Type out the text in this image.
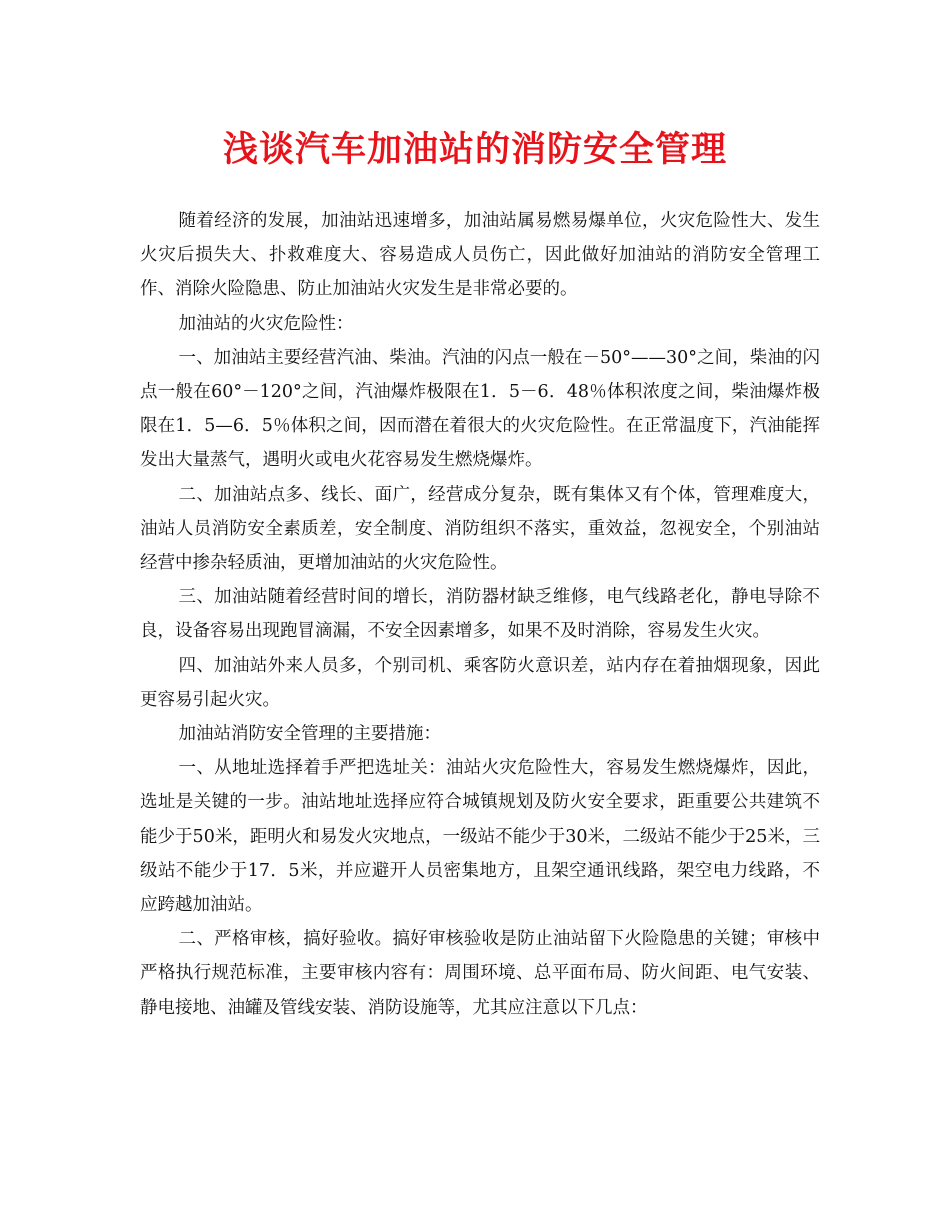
浅谈汽车加油站的消防安全管理

随着经济的发展，加油站迅速增多，加油站属易燃易爆单位，火灾危险性大、发生火灾后损失大、扑救难度大、容易造成人员伤亡，因此做好加油站的消防安全管理工作、消除火险隐患、防止加油站火灾发生是非常必要的。

加油站的火灾危险性：

一、加油站主要经营汽油、柴油。汽油的闪点一般在－50°——30°之间，柴油的闪点一般在60°－120°之间，汽油爆炸极限在1．5－6．48％体积浓度之间，柴油爆炸极限在1．5—6．5％体积之间，因而潜在着很大的火灾危险性。在正常温度下，汽油能挥发出大量蒸气，遇明火或电火花容易发生燃烧爆炸。

二、加油站点多、线长、面广，经营成分复杂，既有集体又有个体，管理难度大，油站人员消防安全素质差，安全制度、消防组织不落实，重效益，忽视安全，个别油站经营中掺杂轻质油，更增加油站的火灾危险性。

三、加油站随着经营时间的增长，消防器材缺乏维修，电气线路老化，静电导除不良，设备容易出现跑冒滴漏，不安全因素增多，如果不及时消除，容易发生火灾。

四、加油站外来人员多，个别司机、乘客防火意识差，站内存在着抽烟现象，因此更容易引起火灾。

加油站消防安全管理的主要措施：

一、从地址选择着手严把选址关：油站火灾危险性大，容易发生燃烧爆炸，因此，选址是关键的一步。油站地址选择应符合城镇规划及防火安全要求，距重要公共建筑不能少于50米，距明火和易发火灾地点，一级站不能少于30米，二级站不能少于25米，三级站不能少于17．5米，并应避开人员密集地方，且架空通讯线路，架空电力线路，不应跨越加油站。

二、严格审核，搞好验收。搞好审核验收是防止油站留下火险隐患的关键；审核中严格执行规范标准，主要审核内容有：周围环境、总平面布局、防火间距、电气安装、静电接地、油罐及管线安装、消防设施等，尤其应注意以下几点：
